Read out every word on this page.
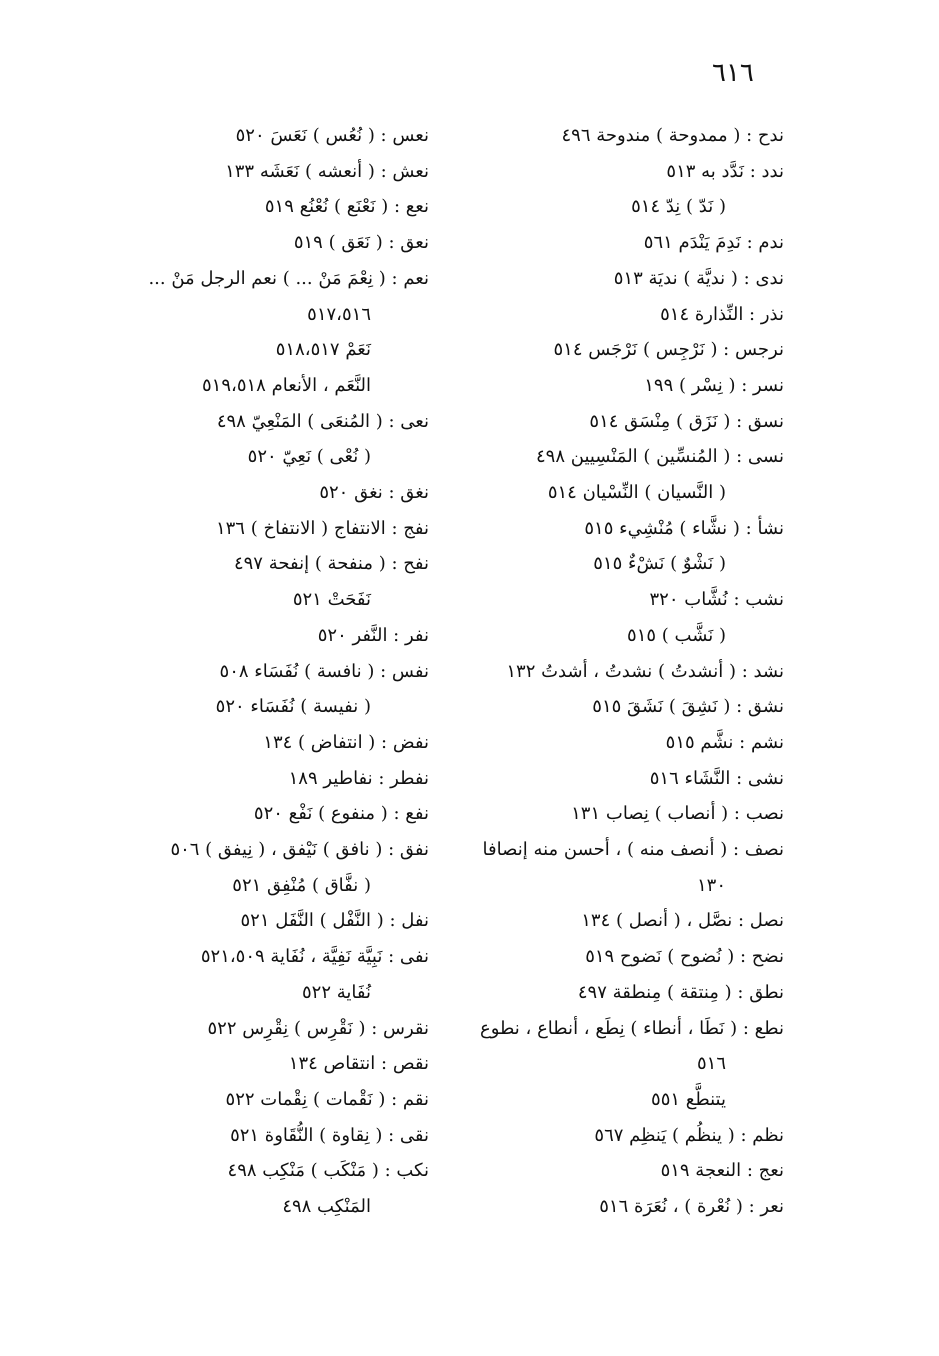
٦١٦
ندح : ( ممدوحة ) مندوحة ٤٩٦
ندد : نَدَّد به ٥١٣
( نَدّ ) نِدّ ٥١٤
ندم : نَدِمَ يَنْدَم ٥٦١
ندى : ( نديَّة ) نديَة ٥١٣
نذر : النِّذارة ٥١٤
نرجس : ( نَرْجِس ) نَرْجَس ٥١٤
نسر : ( نِسْر ) ١٩٩
نسق : ( نَزَق ) مِنْسَق ٥١٤
نسى : ( المُنسِّين ) المَنْسِيين ٤٩٨
( النَّسيان ) النِّسْيان ٥١٤
نشأ : ( نشَّاء ) مُنْشِيء ٥١٥
( نَشْوٌ ) نَشْءٌ ٥١٥
نشب : نُشَّاب ٣٢٠
( نَشَّب ) ٥١٥
نشد : ( أنشدتُ ) نشدتُ ، أشدتُ ١٣٢
نشق : ( نَشِقَ ) نَشَقَ ٥١٥
نشم : نشَّم ٥١٥
نشى : النَّشَاء ٥١٦
نصب : ( أنصاب ) نِصاب ١٣١
نصف : ( أنصف منه ) ، أحسن منه إنصافا
١٣٠
نصل : نصَّل ، ( أنصل ) ١٣٤
نضح : ( نُضوح ) نَضوح ٥١٩
نطق : ( مِنتقة ) مِنطقة ٤٩٧
نطع : ( نَطَا ، أنطاء ) نِطَع ، أنطاع ، نطوع
٥١٦
يتنطَّع ٥٥١
نظم : ( ينظُم ) يَنظِم ٥٦٧
نعج : النعجة ٥١٩
نعر : ( نُعْرة ) ، نُعَرَة ٥١٦
نعس : ( نُعُس ) نَعَسَ ٥٢٠
نعش : ( أنعشه ) نَعَشَه ١٣٣
نعع : ( نَعْنَع ) نُعْنُع ٥١٩
نعق : ( نَعَق ) ٥١٩
نعم : ( نِعْمَ مَنْ ... ) نعم الرجل مَنْ ...
٥١٧،٥١٦
نَعَمْ ٥١٨،٥١٧
النَّعَم ، الأنعام ٥١٩،٥١٨
نعى : ( المُنعَى ) المَنْعِيّ ٤٩٨
( نُعْى ) نَعِيّ ٥٢٠
نغق : نغق ٥٢٠
نفج : الانتفاج ( الانتفاخ ) ١٣٦
نفح : ( منفحة ) إنفحة ٤٩٧
نَفَحَتْ ٥٢١
نفر : النَّفر ٥٢٠
نفس : ( نافسة ) نُفَسَاء ٥٠٨
( نفيسة ) نُفَسَاء ٥٢٠
نفض : ( انتفاض ) ١٣٤
نفطر : نفاطير ١٨٩
نفع : ( منفوع ) نَفْع ٥٢٠
نفق : ( نافق ) نَيْفق ، ( نِيفق ) ٥٠٦
( نفَّاق ) مُنْفِق ٥٢١
نفل : ( النَّفْل ) النَّفَل ٥٢١
نفى : نَبِيَّة نَفِيَّة ، نُفَاية ٥٢١،٥٠٩
نُفَاية ٥٢٢
نقرس : ( نَقْرِس ) نِقْرِس ٥٢٢
نقص : انتقاص ١٣٤
نقم : ( نَقْمات ) نِقْمات ٥٢٢
نقى : ( نِقاوة ) النُّقَاوة ٥٢١
نكب : ( مَنْكَب ) مَنْكِب ٤٩٨
المَنْكِب ٤٩٨
